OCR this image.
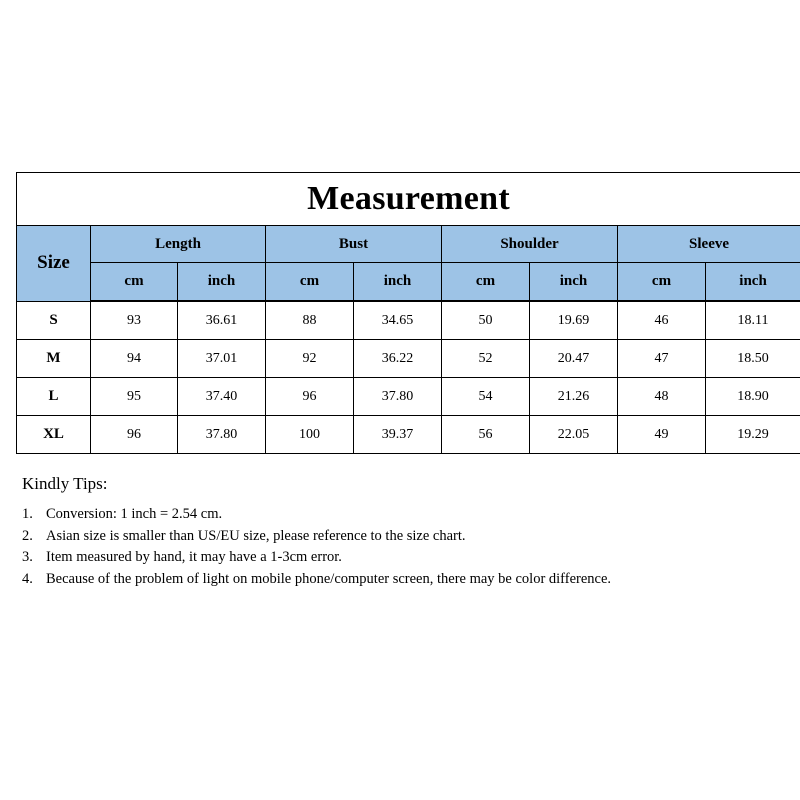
Measurement								
Size	Length		Bust		Shoulder		Sleeve	
	cm	inch	cm	inch	cm	inch	cm	inch
S	93	36.61	88	34.65	50	19.69	46	18.11
M	94	37.01	92	36.22	52	20.47	47	18.50
L	95	37.40	96	37.80	54	21.26	48	18.90
XL	96	37.80	100	39.37	56	22.05	49	19.29

Kindly Tips:

1. Conversion: 1 inch = 2.54 cm.
2. Asian size is smaller than US/EU size, please reference to the size chart.
3. Item measured by hand, it may have a 1-3cm error.
4. Because of the problem of light on mobile phone/computer screen, there may be color difference.
